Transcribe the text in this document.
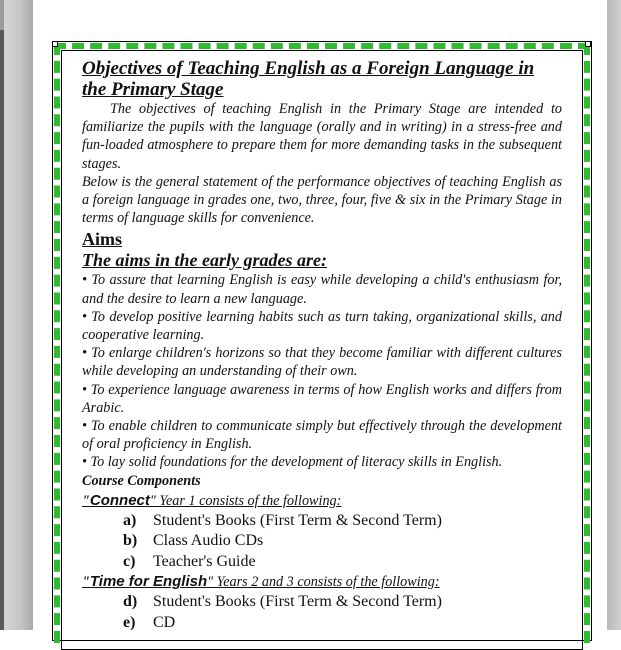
Objectives of Teaching English as a Foreign Language in the Primary Stage
The objectives of teaching English in the Primary Stage are intended to familiarize the pupils with the language (orally and in writing) in a stress-free and fun-loaded atmosphere to prepare them for more demanding tasks in the subsequent stages.
Below is the general statement of the performance objectives of teaching English as a foreign language in grades one, two, three, four, five & six in the Primary Stage in terms of language skills for convenience.
Aims
The aims in the early grades are:
• To assure that learning English is easy while developing a child's enthusiasm for, and the desire to learn a new language.
• To develop positive learning habits such as turn taking, organizational skills, and cooperative learning.
• To enlarge children's horizons so that they become familiar with different cultures while developing an understanding of their own.
• To experience language awareness in terms of how English works and differs from Arabic.
• To enable children to communicate simply but effectively through the development of oral proficiency in English.
• To lay solid foundations for the development of literacy skills in English.
Course Components
"Connect" Year 1 consists of the following:
a) Student's Books (First Term & Second Term)
b) Class Audio CDs
c) Teacher's Guide
"Time for English" Years 2 and 3 consists of the following:
d) Student's Books (First Term & Second Term)
e) CD
